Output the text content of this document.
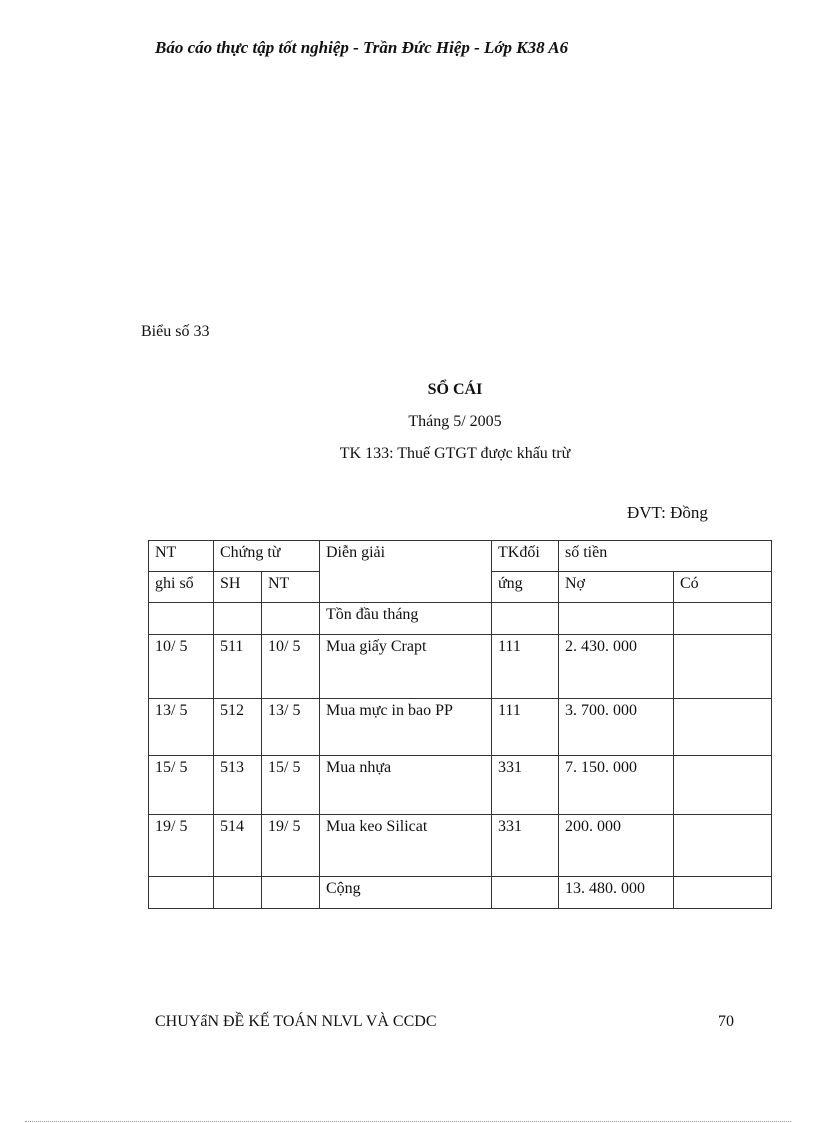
Báo cáo thực tập tốt nghiệp - Trần Đức Hiệp - Lớp K38 A6
Biểu số 33
SỔ CÁI
Tháng 5/ 2005
TK 133: Thuế GTGT được khấu trừ
ĐVT: Đồng
NT	Chứng từ		Diễn giải	TKđối	số tiền	
ghi sổ	SH	NT		ứng	Nợ	Có
			Tồn đầu tháng			
10/ 5	511	10/ 5	Mua giấy Crapt	111	2. 430. 000	
13/ 5	512	13/ 5	Mua mực in bao PP	111	3. 700. 000	
15/ 5	513	15/ 5	Mua nhựa	331	7. 150. 000	
19/ 5	514	19/ 5	Mua keo Silicat	331	200. 000	
			Cộng		13. 480. 000	
CHUYẩN ĐỀ KẾ TOÁN NLVL VÀ CCDC	70
